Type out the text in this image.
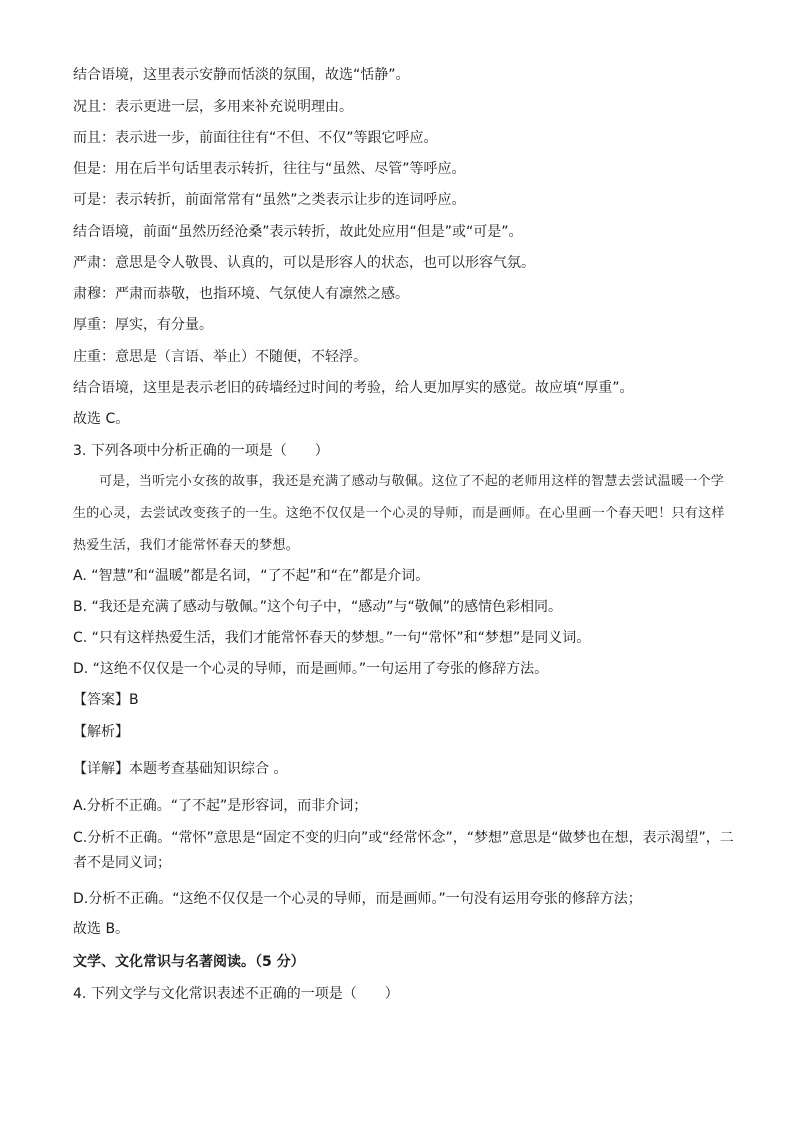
结合语境，这里表示安静而恬淡的氛围，故选“恬静”。
况且：表示更进一层，多用来补充说明理由。
而且：表示进一步，前面往往有“不但、不仅”等跟它呼应。
但是：用在后半句话里表示转折，往往与“虽然、尽管”等呼应。
可是：表示转折，前面常常有“虽然”之类表示让步的连词呼应。
结合语境，前面“虽然历经沧桑”表示转折，故此处应用“但是”或“可是”。
严肃：意思是令人敬畏、认真的，可以是形容人的状态，也可以形容气氛。
肃穆：严肃而恭敬，也指环境、气氛使人有凛然之感。
厚重：厚实，有分量。
庄重：意思是（言语、举止）不随便，不轻浮。
结合语境，这里是表示老旧的砖墙经过时间的考验，给人更加厚实的感觉。故应填“厚重”。
故选 C。
3. 下列各项中分析正确的一项是（　　）
可是，当听完小女孩的故事，我还是充满了感动与敬佩。这位了不起的老师用这样的智慧去尝试温暖一个学生的心灵，去尝试改变孩子的一生。这绝不仅仅是一个心灵的导师，而是画师。在心里画一个春天吧！只有这样热爱生活，我们才能常怀春天的梦想。
A. “智慧”和“温暖”都是名词，“了不起”和“在”都是介词。
B. “我还是充满了感动与敬佩。”这个句子中，“感动”与“敬佩”的感情色彩相同。
C. “只有这样热爱生活，我们才能常怀春天的梦想。”一句“常怀”和“梦想”是同义词。
D. “这绝不仅仅是一个心灵的导师，而是画师。”一句运用了夸张的修辞方法。
【答案】B
【解析】
【详解】本题考查基础知识综合 。
A.分析不正确。“了不起”是形容词，而非介词；
C.分析不正确。“常怀”意思是“固定不变的归向”或“经常怀念”，“梦想”意思是“做梦也在想，表示渴望”，二者不是同义词；
D.分析不正确。“这绝不仅仅是一个心灵的导师，而是画师。”一句没有运用夸张的修辞方法；
故选 B。
文学、文化常识与名著阅读。（5 分）
4. 下列文学与文化常识表述不正确的一项是（　　）
